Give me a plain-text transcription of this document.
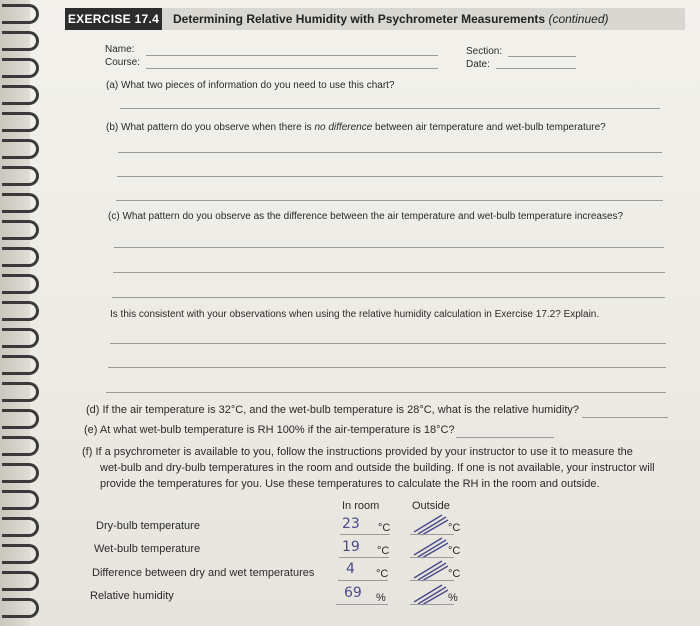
EXERCISE 17.4 Determining Relative Humidity with Psychrometer Measurements (continued)
Name:
Course:
Section:
Date:
(a) What two pieces of information do you need to use this chart?
(b) What pattern do you observe when there is no difference between air temperature and wet-bulb temperature?
(c) What pattern do you observe as the difference between the air temperature and wet-bulb temperature increases?
Is this consistent with your observations when using the relative humidity calculation in Exercise 17.2? Explain.
(d) If the air temperature is 32°C, and the wet-bulb temperature is 28°C, what is the relative humidity?
(e) At what wet-bulb temperature is RH 100% if the air-temperature is 18°C?
(f) If a psychrometer is available to you, follow the instructions provided by your instructor to use it to measure the
wet-bulb and dry-bulb temperatures in the room and outside the building. If one is not available, your instructor will
provide the temperatures for you. Use these temperatures to calculate the RH in the room and outside.
In room	Outside
Dry-bulb temperature
Wet-bulb temperature
Difference between dry and wet temperatures
Relative humidity
23 °C
19 °C
4 °C
69 %
°C
°C
°C
%
